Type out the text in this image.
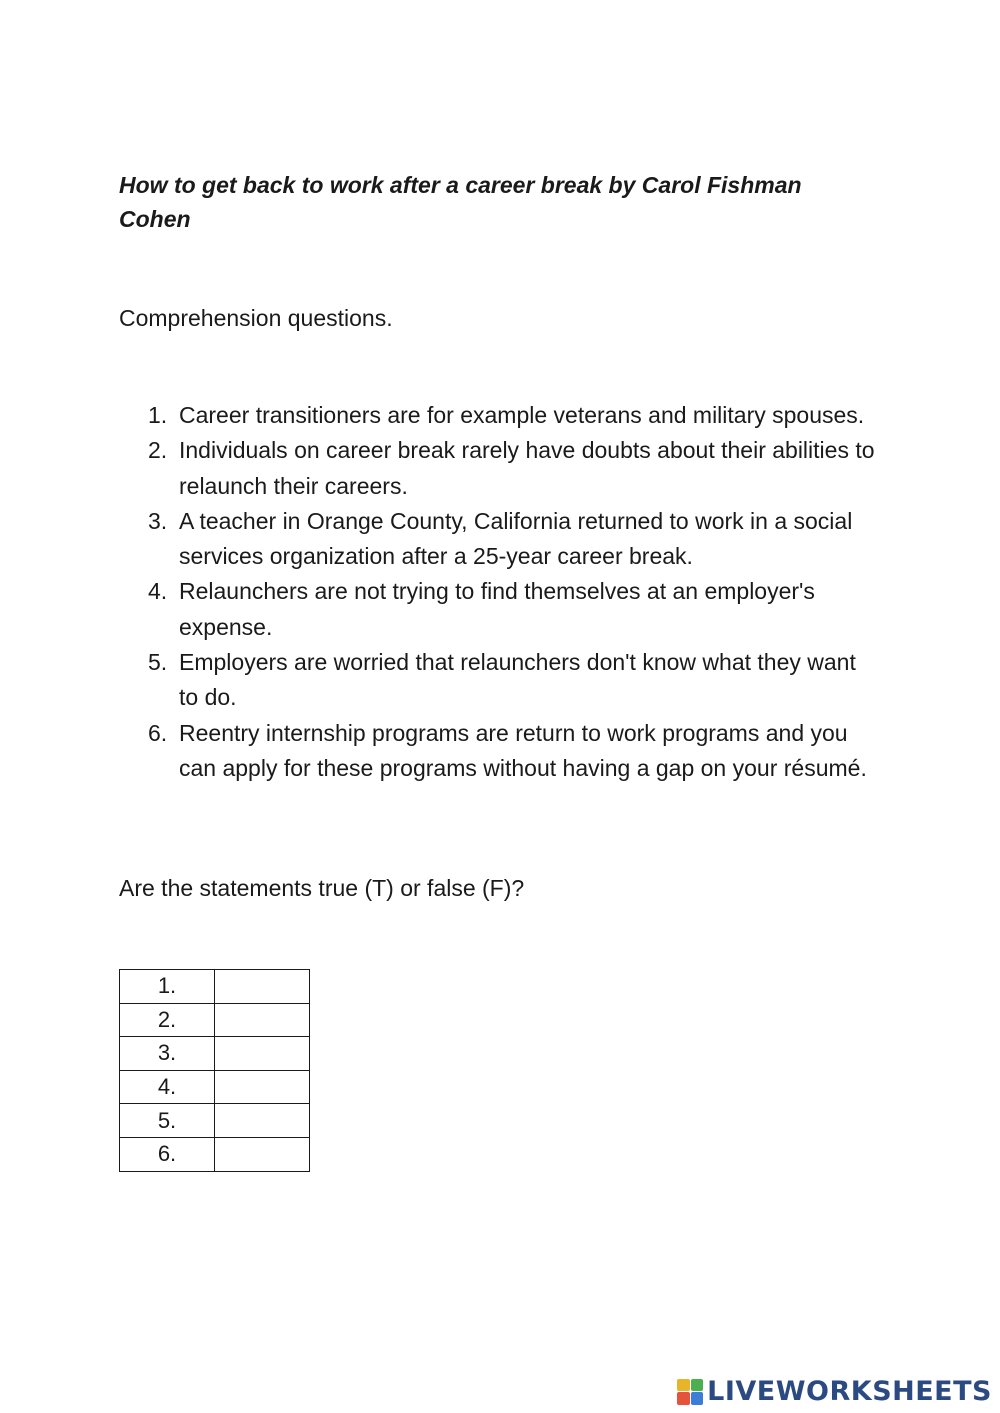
How to get back to work after a career break by Carol Fishman Cohen

Comprehension questions.

1. Career transitioners are for example veterans and military spouses.
2. Individuals on career break rarely have doubts about their abilities to relaunch their careers.
3. A teacher in Orange County, California returned to work in a social services organization after a 25-year career break.
4. Relaunchers are not trying to find themselves at an employer's expense.
5. Employers are worried that relaunchers don't know what they want to do.
6. Reentry internship programs are return to work programs and you can apply for these programs without having a gap on your résumé.

Are the statements true (T) or false (F)?

1.	
2.	
3.	
4.	
5.	
6.	
LIVEWORKSHEETS
